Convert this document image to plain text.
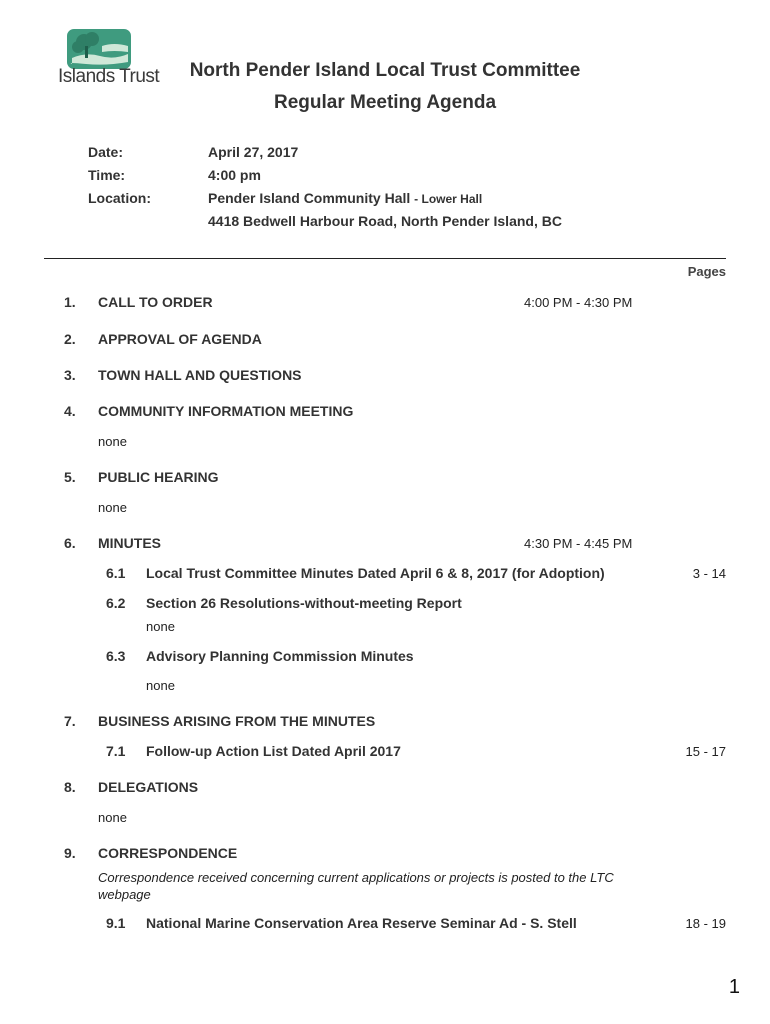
Islands Trust	North Pender Island Local Trust Committee
Regular Meeting Agenda
Date:	April 27, 2017
Time:	4:00 pm
Location:	Pender Island Community Hall - Lower Hall
4418 Bedwell Harbour Road, North Pender Island, BC
Pages
1. CALL TO ORDER	4:00 PM - 4:30 PM
2. APPROVAL OF AGENDA
3. TOWN HALL AND QUESTIONS
4. COMMUNITY INFORMATION MEETING
none
5. PUBLIC HEARING
none
6. MINUTES	4:30 PM - 4:45 PM
6.1 Local Trust Committee Minutes Dated April 6 & 8, 2017 (for Adoption)	3 - 14
6.2 Section 26 Resolutions-without-meeting Report
none
6.3 Advisory Planning Commission Minutes
none
7. BUSINESS ARISING FROM THE MINUTES
7.1 Follow-up Action List Dated April 2017	15 - 17
8. DELEGATIONS
none
9. CORRESPONDENCE
Correspondence received concerning current applications or projects is posted to the LTC webpage
9.1 National Marine Conservation Area Reserve Seminar Ad - S. Stell	18 - 19
1
